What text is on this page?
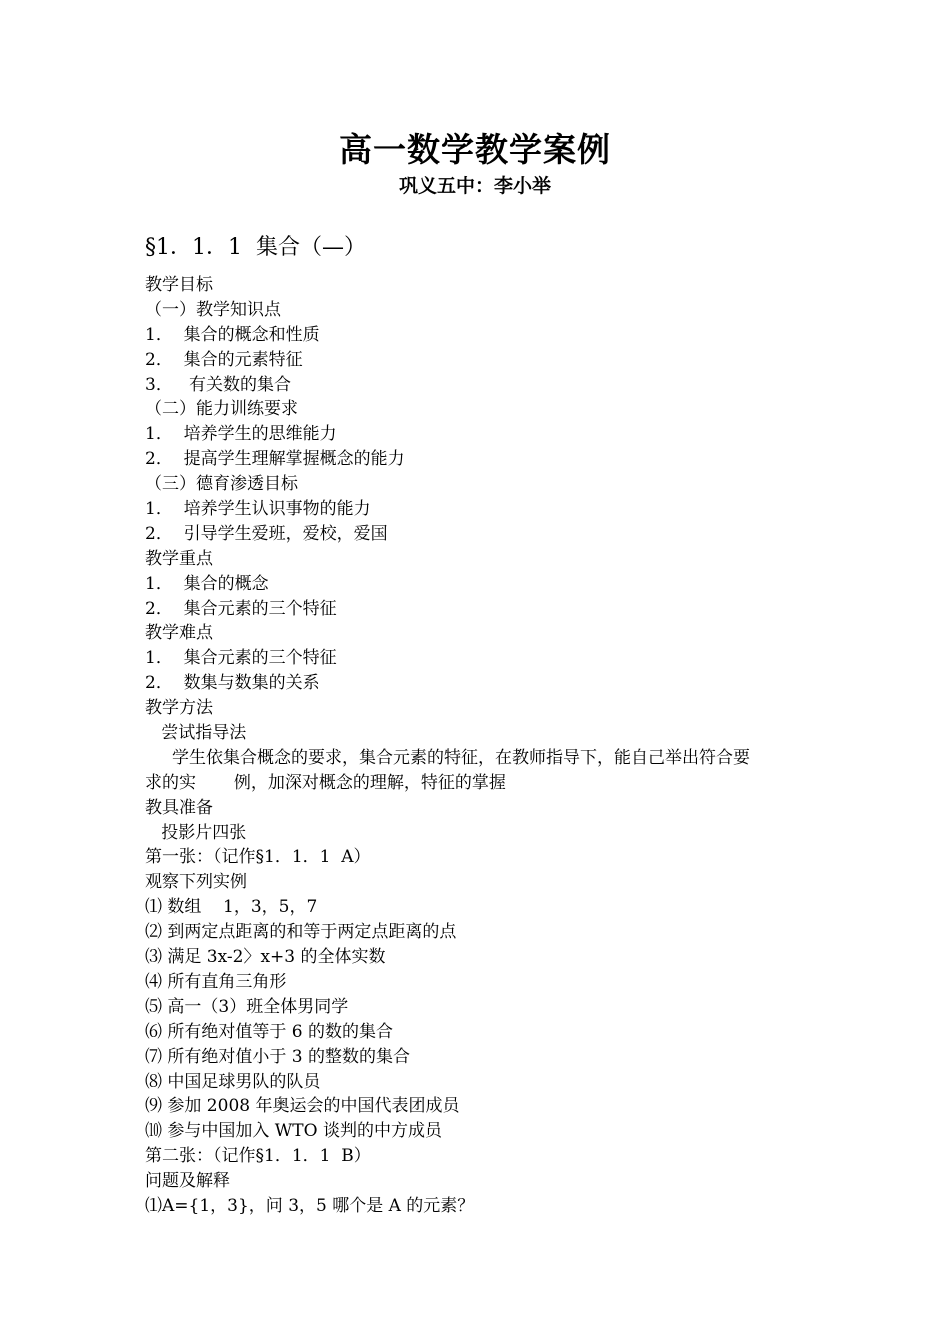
高一数学教学案例
巩义五中：李小举
§1．1．1  集合（—）
教学目标
（一）教学知识点
1．  集合的概念和性质
2．  集合的元素特征
3．   有关数的集合
（二）能力训练要求
1．  培养学生的思维能力
2．  提高学生理解掌握概念的能力
（三）德育渗透目标
1．  培养学生认识事物的能力
2．  引导学生爱班，爱校，爱国
教学重点
1．  集合的概念
2．  集合元素的三个特征
教学难点
1．  集合元素的三个特征
2．  数集与数集的关系
教学方法
尝试指导法
学生依集合概念的要求，集合元素的特征，在教师指导下，能自己举出符合要
求的实       例，加深对概念的理解，特征的掌握
教具准备
投影片四张
第一张：（记作§1．1．1  A）
观察下列实例
⑴ 数组    1，3，5，7
⑵ 到两定点距离的和等于两定点距离的点
⑶ 满足 3x-2〉x+3 的全体实数
⑷ 所有直角三角形
⑸ 高一（3）班全体男同学
⑹ 所有绝对值等于 6 的数的集合
⑺ 所有绝对值小于 3 的整数的集合
⑻ 中国足球男队的队员
⑼ 参加 2008 年奥运会的中国代表团成员
⑽ 参与中国加入 WTO 谈判的中方成员
第二张：（记作§1．1．1  B）
问题及解释
⑴A={1，3}，问 3，5 哪个是 A 的元素？
